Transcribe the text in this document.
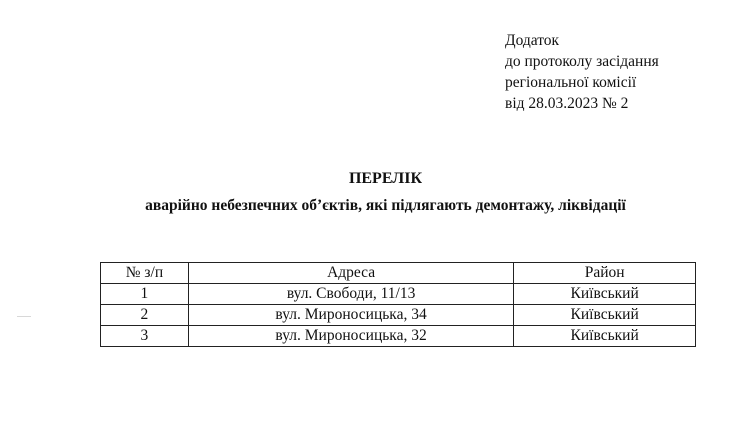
Додаток
до протоколу засідання
регіональної комісії
від 28.03.2023 № 2
ПЕРЕЛІК
аварійно небезпечних об’єктів, які підлягають демонтажу, ліквідації
№ з/п	Адреса	Район
1	вул. Свободи, 11/13	Київський
2	вул. Мироносицька, 34	Київський
3	вул. Мироносицька, 32	Київський
